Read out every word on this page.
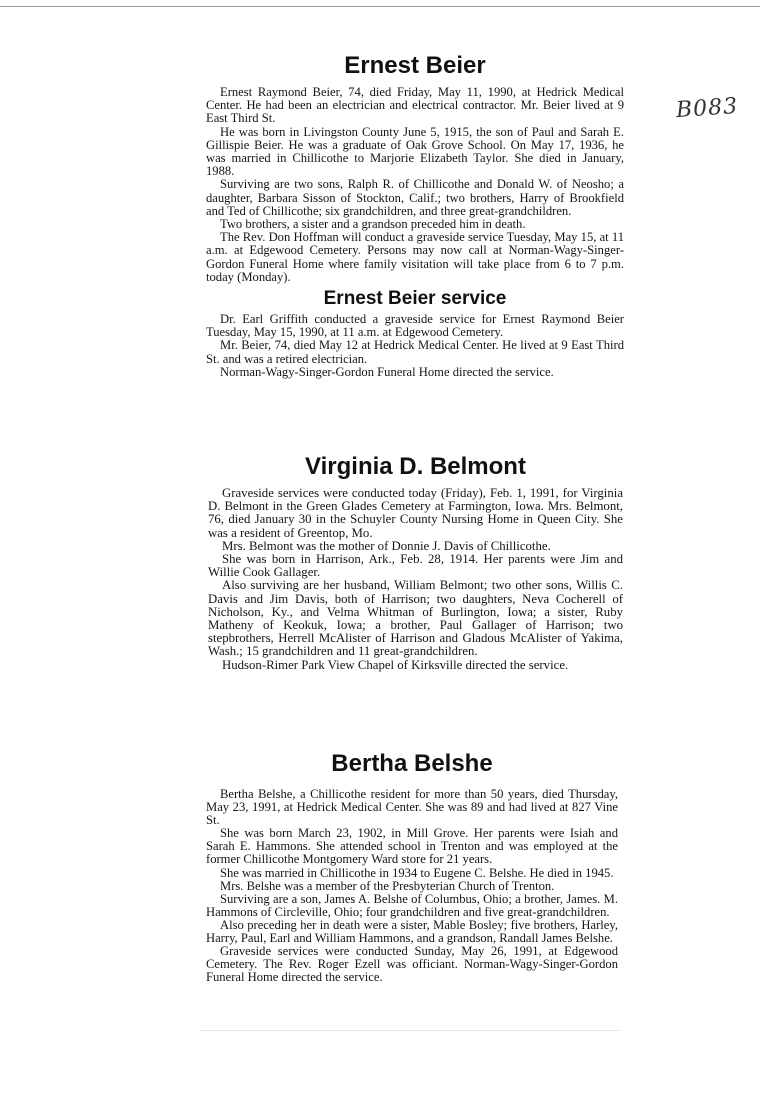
B083
Ernest Beier

Ernest Raymond Beier, 74, died Friday, May 11, 1990, at Hedrick Medical Center. He had been an electrician and electrical contractor. Mr. Beier lived at 9 East Third St.

He was born in Livingston County June 5, 1915, the son of Paul and Sarah E. Gillispie Beier. He was a graduate of Oak Grove School. On May 17, 1936, he was married in Chillicothe to Marjorie Elizabeth Taylor. She died in January, 1988.

Surviving are two sons, Ralph R. of Chillicothe and Donald W. of Neosho; a daughter, Barbara Sisson of Stockton, Calif.; two brothers, Harry of Brookfield and Ted of Chillicothe; six grandchildren, and three great-grandchildren.

Two brothers, a sister and a grandson preceded him in death.

The Rev. Don Hoffman will conduct a graveside service Tuesday, May 15, at 11 a.m. at Edgewood Cemetery. Persons may now call at Norman-Wagy-Singer-Gordon Funeral Home where family visitation will take place from 6 to 7 p.m. today (Monday).

Ernest Beier service

Dr. Earl Griffith conducted a graveside service for Ernest Raymond Beier Tuesday, May 15, 1990, at 11 a.m. at Edgewood Cemetery.

Mr. Beier, 74, died May 12 at Hedrick Medical Center. He lived at 9 East Third St. and was a retired electrician.

Norman-Wagy-Singer-Gordon Funeral Home directed the service.

Virginia D. Belmont

Graveside services were conducted today (Friday), Feb. 1, 1991, for Virginia D. Belmont in the Green Glades Cemetery at Farmington, Iowa. Mrs. Belmont, 76, died January 30 in the Schuyler County Nursing Home in Queen City. She was a resident of Greentop, Mo.

Mrs. Belmont was the mother of Donnie J. Davis of Chillicothe.

She was born in Harrison, Ark., Feb. 28, 1914. Her parents were Jim and Willie Cook Gallager.

Also surviving are her husband, William Belmont; two other sons, Willis C. Davis and Jim Davis, both of Harrison; two daughters, Neva Cocherell of Nicholson, Ky., and Velma Whitman of Burlington, Iowa; a sister, Ruby Matheny of Keokuk, Iowa; a brother, Paul Gallager of Harrison; two stepbrothers, Herrell McAlister of Harrison and Gladous McAlister of Yakima, Wash.; 15 grandchildren and 11 great-grandchildren.

Hudson-Rimer Park View Chapel of Kirksville directed the service.

Bertha Belshe

Bertha Belshe, a Chillicothe resident for more than 50 years, died Thursday, May 23, 1991, at Hedrick Medical Center. She was 89 and had lived at 827 Vine St.

She was born March 23, 1902, in Mill Grove. Her parents were Isiah and Sarah E. Hammons. She attended school in Trenton and was employed at the former Chillicothe Montgomery Ward store for 21 years.

She was married in Chillicothe in 1934 to Eugene C. Belshe. He died in 1945.

Mrs. Belshe was a member of the Presbyterian Church of Trenton.

Surviving are a son, James A. Belshe of Columbus, Ohio; a brother, James. M. Hammons of Circleville, Ohio; four grandchildren and five great-grandchildren.

Also preceding her in death were a sister, Mable Bosley; five brothers, Harley, Harry, Paul, Earl and William Hammons, and a grandson, Randall James Belshe.

Graveside services were conducted Sunday, May 26, 1991, at Edgewood Cemetery. The Rev. Roger Ezell was officiant. Norman-Wagy-Singer-Gordon Funeral Home directed the service.
